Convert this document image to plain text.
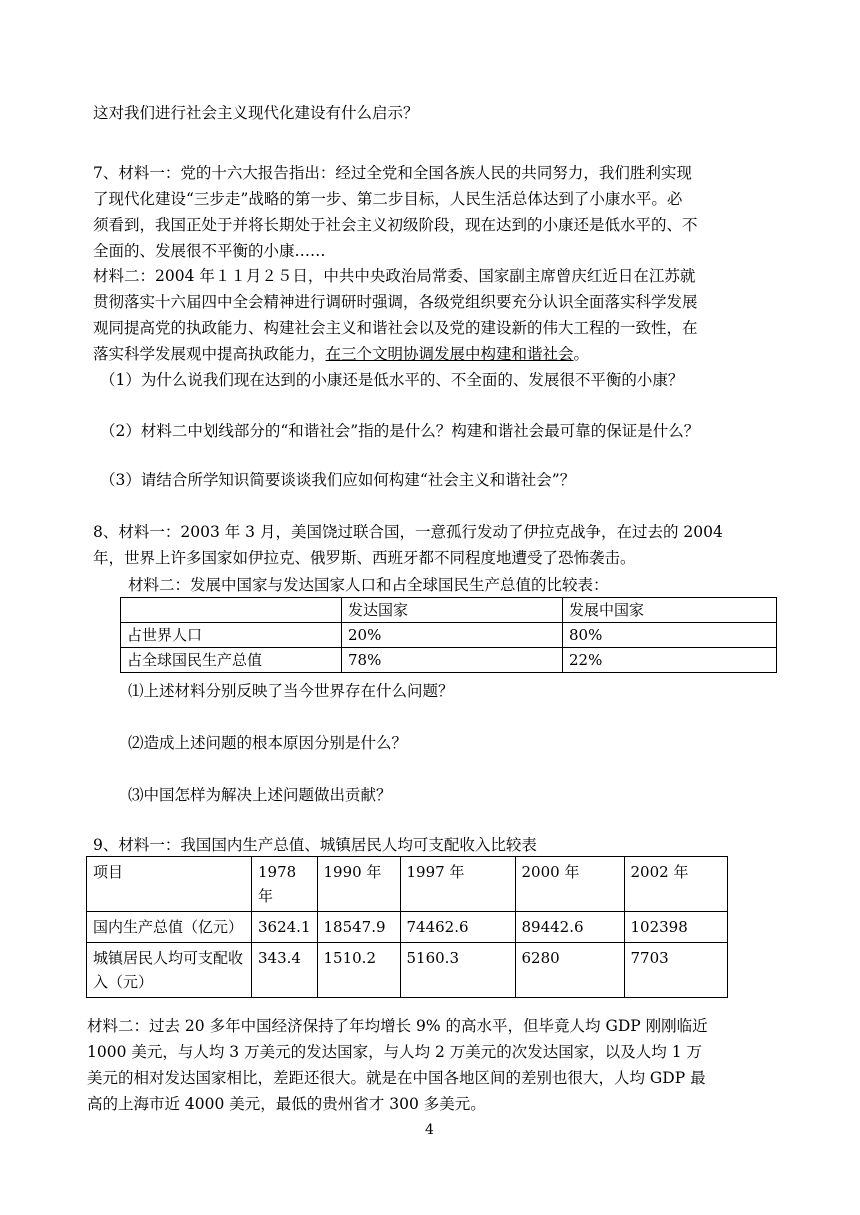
这对我们进行社会主义现代化建设有什么启示？
7、材料一：党的十六大报告指出：经过全党和全国各族人民的共同努力，我们胜利实现
了现代化建设“三步走”战略的第一步、第二步目标，人民生活总体达到了小康水平。必
须看到，我国正处于并将长期处于社会主义初级阶段，现在达到的小康还是低水平的、不
全面的、发展很不平衡的小康……
材料二：2004 年１１月２５日，中共中央政治局常委、国家副主席曾庆红近日在江苏就
贯彻落实十六届四中全会精神进行调研时强调，各级党组织要充分认识全面落实科学发展
观同提高党的执政能力、构建社会主义和谐社会以及党的建设新的伟大工程的一致性，在
落实科学发展观中提高执政能力，在三个文明协调发展中构建和谐社会。
（1）为什么说我们现在达到的小康还是低水平的、不全面的、发展很不平衡的小康？
（2）材料二中划线部分的“和谐社会”指的是什么？构建和谐社会最可靠的保证是什么？
（3）请结合所学知识简要谈谈我们应如何构建“社会主义和谐社会”？
8、材料一：2003 年 3 月，美国饶过联合国，一意孤行发动了伊拉克战争，在过去的 2004
年，世界上许多国家如伊拉克、俄罗斯、西班牙都不同程度地遭受了恐怖袭击。
材料二：发展中国家与发达国家人口和占全球国民生产总值的比较表：
	发达国家	发展中国家
占世界人口	20%	80%
占全球国民生产总值	78%	22%
⑴上述材料分别反映了当今世界存在什么问题？
⑵造成上述问题的根本原因分别是什么？
⑶中国怎样为解决上述问题做出贡献？
9、材料一：我国国内生产总值、城镇居民人均可支配收入比较表
项目	1978 年	1990 年	1997 年	2000 年	2002 年
国内生产总值（亿元）	3624.1	18547.9	74462.6	89442.6	102398
城镇居民人均可支配收入（元）	343.4	1510.2	5160.3	6280	7703
材料二：过去 20 多年中国经济保持了年均增长 9% 的高水平，但毕竟人均 GDP 刚刚临近
1000 美元，与人均 3 万美元的发达国家，与人均 2 万美元的次发达国家，以及人均 1 万
美元的相对发达国家相比，差距还很大。就是在中国各地区间的差别也很大，人均 GDP 最
高的上海市近 4000 美元，最低的贵州省才 300 多美元。
4
